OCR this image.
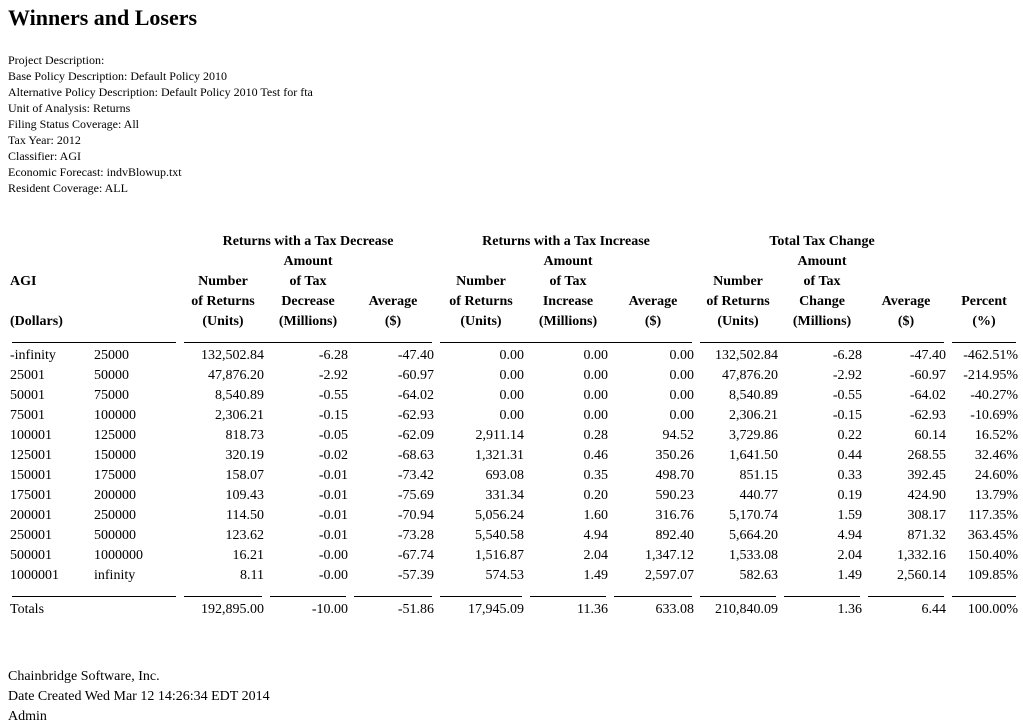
Winners and Losers
Project Description:
Base Policy Description: Default Policy 2010
Alternative Policy Description: Default Policy 2010 Test for fta
Unit of Analysis: Returns
Filing Status Coverage: All
Tax Year: 2012
Classifier: AGI
Economic Forecast: indvBlowup.txt
Resident Coverage: ALL
		Returns with a Tax Decrease			Returns with a Tax Increase			Total Tax Change			
			Amount			Amount			Amount		
AGI		Number	of Tax		Number	of Tax		Number	of Tax		
		of Returns	Decrease	Average	of Returns	Increase	Average	of Returns	Change	Average	Percent
(Dollars)		(Units)	(Millions)	($)	(Units)	(Millions)	($)	(Units)	(Millions)	($)	(%)

-infinity	25000	132,502.84	-6.28	-47.40	0.00	0.00	0.00	132,502.84	-6.28	-47.40	-462.51%
25001	50000	47,876.20	-2.92	-60.97	0.00	0.00	0.00	47,876.20	-2.92	-60.97	-214.95%
50001	75000	8,540.89	-0.55	-64.02	0.00	0.00	0.00	8,540.89	-0.55	-64.02	-40.27%
75001	100000	2,306.21	-0.15	-62.93	0.00	0.00	0.00	2,306.21	-0.15	-62.93	-10.69%
100001	125000	818.73	-0.05	-62.09	2,911.14	0.28	94.52	3,729.86	0.22	60.14	16.52%
125001	150000	320.19	-0.02	-68.63	1,321.31	0.46	350.26	1,641.50	0.44	268.55	32.46%
150001	175000	158.07	-0.01	-73.42	693.08	0.35	498.70	851.15	0.33	392.45	24.60%
175001	200000	109.43	-0.01	-75.69	331.34	0.20	590.23	440.77	0.19	424.90	13.79%
200001	250000	114.50	-0.01	-70.94	5,056.24	1.60	316.76	5,170.74	1.59	308.17	117.35%
250001	500000	123.62	-0.01	-73.28	5,540.58	4.94	892.40	5,664.20	4.94	871.32	363.45%
500001	1000000	16.21	-0.00	-67.74	1,516.87	2.04	1,347.12	1,533.08	2.04	1,332.16	150.40%
1000001	infinity	8.11	-0.00	-57.39	574.53	1.49	2,597.07	582.63	1.49	2,560.14	109.85%

Totals		192,895.00	-10.00	-51.86	17,945.09	11.36	633.08	210,840.09	1.36	6.44	100.00%
Chainbridge Software, Inc.
Date Created Wed Mar 12 14:26:34 EDT 2014
Admin
